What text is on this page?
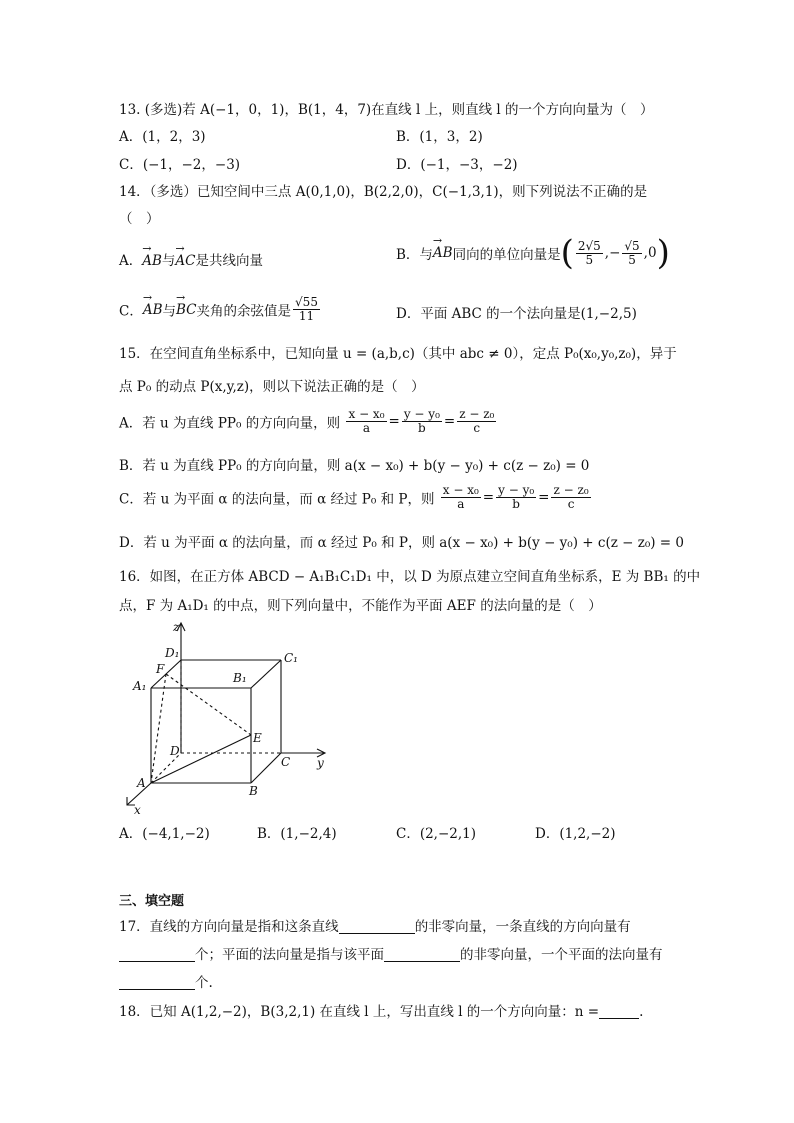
13. (多选)若 A(−1，0，1)，B(1，4，7)在直线 l 上，则直线 l 的一个方向向量为（　）
A．(1，2，3)	B．(1，3，2)
C．(−1，−2，−3)	D．(−1，−3，−2)
14．（多选）已知空间中三点 A(0,1,0)，B(2,2,0)，C(−1,3,1)，则下列说法不正确的是
（　）
A．→ AB与→ AC是共线向量	B．与→ AB同向的单位向量是( $\frac{2√5}{5}$ ,− $\frac{√5}{5} ,0$)
C．→ AB与→ BC夹角的余弦值是 $\frac{√55}{11}$	D．平面 ABC 的一个法向量是(1,−2,5)
15．在空间直角坐标系中，已知向量 u = (a,b,c)（其中 abc ≠ 0），定点 P₀(x₀,y₀,z₀)，异于
点 P₀ 的动点 P(x,y,z)，则以下说法正确的是（　）
A．若 u 为直线 PP₀ 的方向向量，则 $\frac{\text{x − x₀}}{a} = \frac{\text{y − y₀}}{b} = \frac{\text{z − z₀}}{c}$
B．若 u 为直线 PP₀ 的方向向量，则 a(x − x₀) + b(y − y₀) + c(z − z₀) = 0
C．若 u 为平面 α 的法向量，而 α 经过 P₀ 和 P，则 $\frac{\text{x − x₀}}{a} = \frac{\text{y − y₀}}{b} = \frac{\text{z − z₀}}{c}$
D．若 u 为平面 α 的法向量，而 α 经过 P₀ 和 P，则 a(x − x₀) + b(y − y₀) + c(z − z₀) = 0
16．如图，在正方体 ABCD − A₁B₁C₁D₁ 中，以 D 为原点建立空间直角坐标系，E 为 BB₁ 的中
点，F 为 A₁D₁ 的中点，则下列向量中，不能作为平面 AEF 的法向量的是（　）
z
D₁	C₁
F
A₁
B₁
E
D
C y
A
B
x
A．(−4,1,−2)	B．(1,−2,4)	C．(2,−2,1)	D．(1,2,−2)
三、填空题
17．直线的方向向量是指和这条直线	的非零向量，一条直线的方向向量有
个；平面的法向量是指与该平面	的非零向量，一个平面的法向量有
个.
18．已知 A(1,2,−2)，B(3,2,1) 在直线 l 上，写出直线 l 的一个方向向量：n =	.
